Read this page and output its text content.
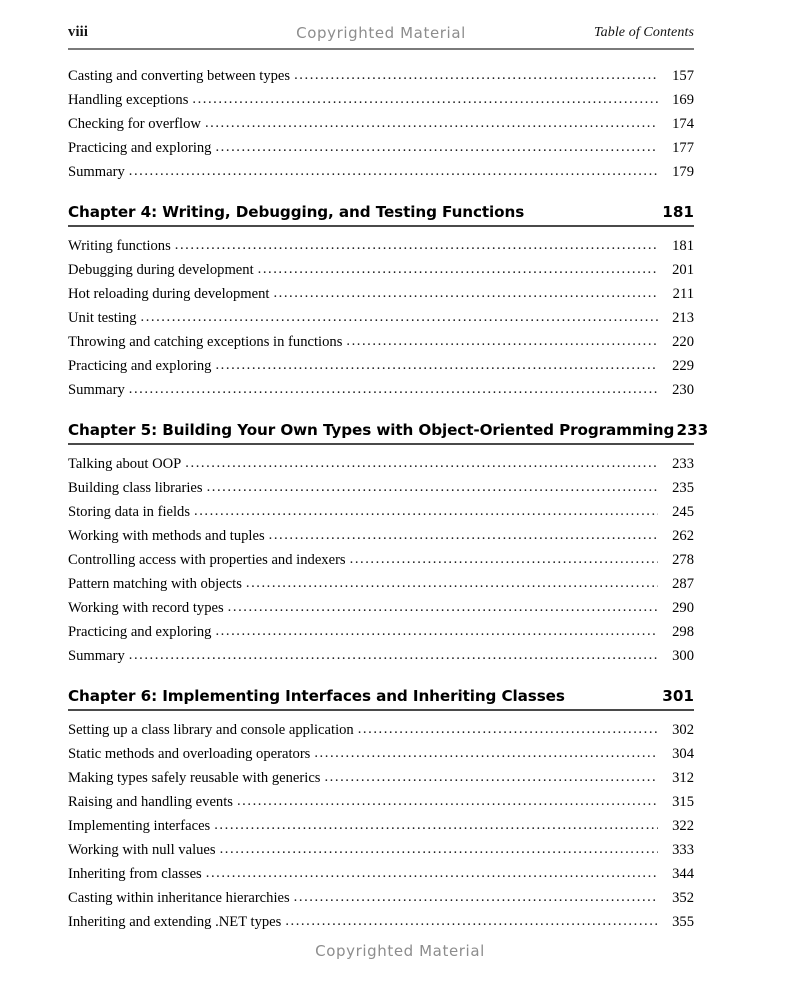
viii	Copyrighted Material	Table of Contents
Casting and converting between types .....	157
Handling exceptions .....	169
Checking for overflow .....	174
Practicing and exploring .....	177
Summary .....	179
Chapter 4: Writing, Debugging, and Testing Functions	181
Writing functions .....	181
Debugging during development .....	201
Hot reloading during development .....	211
Unit testing .....	213
Throwing and catching exceptions in functions .....	220
Practicing and exploring .....	229
Summary .....	230
Chapter 5: Building Your Own Types with Object-Oriented Programming 233
Talking about OOP .....	233
Building class libraries .....	235
Storing data in fields .....	245
Working with methods and tuples .....	262
Controlling access with properties and indexers .....	278
Pattern matching with objects .....	287
Working with record types .....	290
Practicing and exploring .....	298
Summary .....	300
Chapter 6: Implementing Interfaces and Inheriting Classes	301
Setting up a class library and console application .....	302
Static methods and overloading operators .....	304
Making types safely reusable with generics .....	312
Raising and handling events .....	315
Implementing interfaces .....	322
Working with null values .....	333
Inheriting from classes .....	344
Casting within inheritance hierarchies .....	352
Inheriting and extending .NET types .....	355
Copyrighted Material
